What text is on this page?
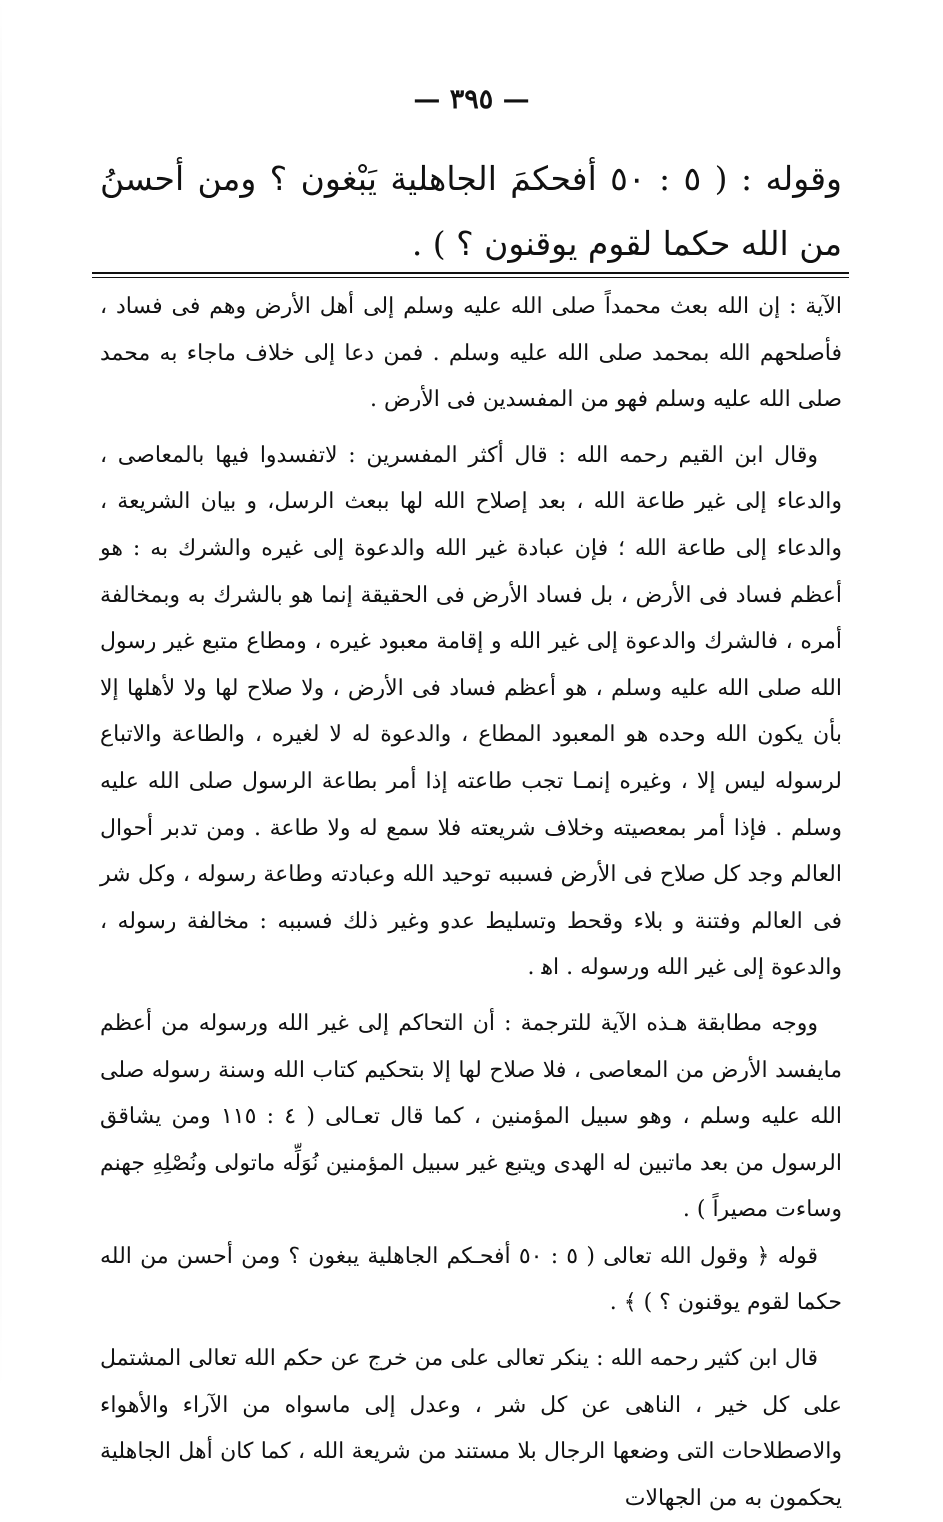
— ٣٩٥ —
وقوله : ( ٥ : ٥٠ أفحكمَ الجاهلية يَبْغون ؟ ومن أحسنُ من الله حكما لقوم يوقنون ؟ ) .

الآية : إن الله بعث محمداً صلى الله عليه وسلم إلى أهل الأرض وهم فى فساد ، فأصلحهم الله بمحمد صلى الله عليه وسلم . فمن دعا إلى خلاف ماجاء به محمد صلى الله عليه وسلم فهو من المفسدين فى الأرض .

وقال ابن القيم رحمه الله : قال أكثر المفسرين : لاتفسدوا فيها بالمعاصى ، والدعاء إلى غير طاعة الله ، بعد إصلاح الله لها ببعث الرسل، و بيان الشريعة ، والدعاء إلى طاعة الله ؛ فإن عبادة غير الله والدعوة إلى غيره والشرك به : هو أعظم فساد فى الأرض ، بل فساد الأرض فى الحقيقة إنما هو بالشرك به وبمخالفة أمره ، فالشرك والدعوة إلى غير الله و إقامة معبود غيره ، ومطاع متبع غير رسول الله صلى الله عليه وسلم ، هو أعظم فساد فى الأرض ، ولا صلاح لها ولا لأهلها إلا بأن يكون الله وحده هو المعبود المطاع ، والدعوة له لا لغيره ، والطاعة والاتباع لرسوله ليس إلا ، وغيره إنمـا تجب طاعته إذا أمر بطاعة الرسول صلى الله عليه وسلم . فإذا أمر بمعصيته وخلاف شريعته فلا سمع له ولا طاعة . ومن تدبر أحوال العالم وجد كل صلاح فى الأرض فسببه توحيد الله وعبادته وطاعة رسوله ، وكل شر فى العالم وفتنة و بلاء وقحط وتسليط عدو وغير ذلك فسببه : مخالفة رسوله ، والدعوة إلى غير الله ورسوله . اﻫ .

ووجه مطابقة هـذه الآية للترجمة : أن التحاكم إلى غير الله ورسوله من أعظم مايفسد الأرض من المعاصى ، فلا صلاح لها إلا بتحكيم كتاب الله وسنة رسوله صلى الله عليه وسلم ، وهو سبيل المؤمنين ، كما قال تعـالى ( ٤ : ١١٥ ومن يشاقق الرسول من بعد ماتبين له الهدى ويتبع غير سبيل المؤمنين نُوَلِّه ماتولى ونُصْلِهِ جهنم وساءت مصيراً ) .

قوله ﴿ وقول الله تعالى ( ٥ : ٥٠ أفحـكم الجاهلية يبغون ؟ ومن أحسن من الله حكما لقوم يوقنون ؟ ) ﴾ .

قال ابن كثير رحمه الله : ينكر تعالى على من خرج عن حكم الله تعالى المشتمل على كل خير ، الناهى عن كل شر ، وعدل إلى ماسواه من الآراء والأهواء والاصطلاحات التى وضعها الرجال بلا مستند من شريعة الله ، كما كان أهل الجاهلية يحكمون به من الجهالات
